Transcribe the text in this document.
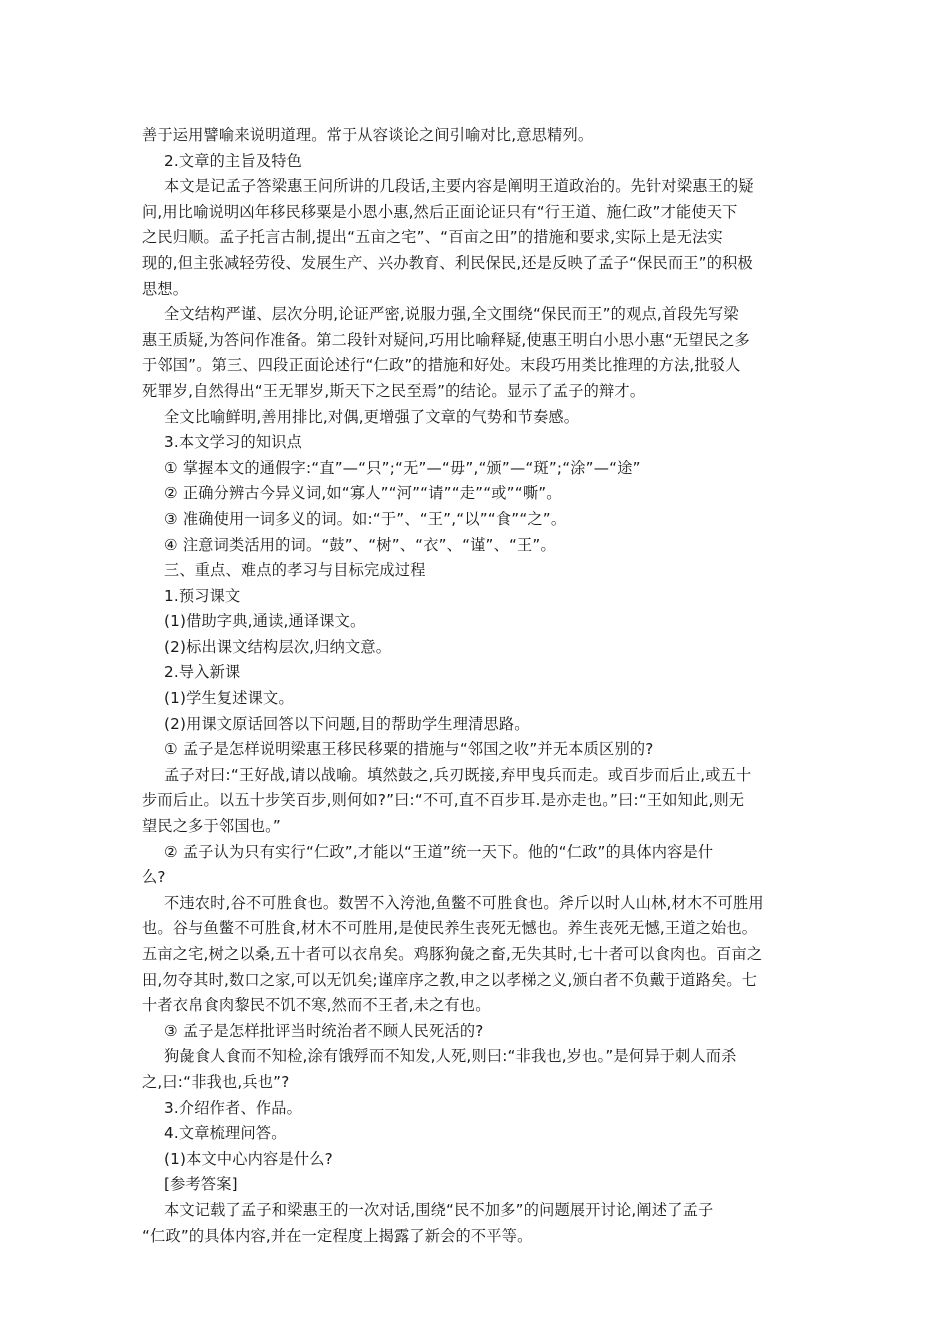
善于运用譬喻来说明道理。常于从容谈论之间引喻对比,意思精列。
2.文章的主旨及特色
本文是记孟子答梁惠王问所讲的几段话,主要内容是阐明王道政治的。先针对梁惠王的疑
问,用比喻说明凶年移民移粟是小恩小惠,然后正面论证只有“行王道、施仁政”才能使天下
之民归顺。孟子托言古制,提出“五亩之宅”、“百亩之田”的措施和要求,实际上是无法实
现的,但主张减轻劳役、发展生产、兴办教育、利民保民,还是反映了孟子“保民而王”的积极
思想。
全文结构严谨、层次分明,论证严密,说服力强,全文围绕“保民而王”的观点,首段先写梁
惠王质疑,为答问作准备。第二段针对疑问,巧用比喻释疑,使惠王明白小思小惠“无望民之多
于邻国”。第三、四段正面论述行“仁政”的措施和好处。末段巧用类比推理的方法,批驳人
死罪岁,自然得出“王无罪岁,斯天下之民至焉”的结论。显示了孟子的辩才。
全文比喻鲜明,善用排比,对偶,更增强了文章的气势和节奏感。
3.本文学习的知识点
① 掌握本文的通假字:“直”—“只”;“无”—“毋”,“颁”—“斑”;“涂”—“途”
② 正确分辨古今异义词,如“寡人”“河”“请”“走”“或”“嘶”。
③ 准确使用一词多义的词。如:“于”、“王”,“以”“食”“之”。
④ 注意词类活用的词。“鼓”、“树”、“衣”、“谨”、“王”。
三、重点、难点的孝习与目标完成过程
1.预习课文
(1)借助字典,通读,通译课文。
(2)标出课文结构层次,归纳文意。
2.导入新课
(1)学生复述课文。
(2)用课文原话回答以下问题,目的帮助学生理清思路。
① 孟子是怎样说明梁惠王移民移粟的措施与“邻国之收”并无本质区别的?
孟子对曰:“王好战,请以战喻。填然鼓之,兵刃既接,弃甲曳兵而走。或百步而后止,或五十
步而后止。以五十步笑百步,则何如?”曰:“不可,直不百步耳.是亦走也。”曰:“王如知此,则无
望民之多于邻国也。”
② 孟子认为只有实行“仁政”,才能以“王道”统一天下。他的“仁政”的具体内容是什
么?
不违农时,谷不可胜食也。数罟不入洿池,鱼鳖不可胜食也。斧斤以时人山林,材木不可胜用
也。谷与鱼鳖不可胜食,材木不可胜用,是使民养生丧死无憾也。养生丧死无憾,王道之始也。
五亩之宅,树之以桑,五十者可以衣帛矣。鸡豚狗彘之畜,无失其时,七十者可以食肉也。百亩之
田,勿夺其时,数口之家,可以无饥矣;谨庠序之教,申之以孝梯之义,颁白者不负戴于道路矣。七
十者衣帛食肉黎民不饥不寒,然而不王者,未之有也。
③ 孟子是怎样批评当时统治者不顾人民死活的?
狗彘食人食而不知检,涂有饿殍而不知发,人死,则曰:“非我也,岁也。”是何异于刺人而杀
之,曰:“非我也,兵也”?
3.介绍作者、作品。
4.文章梳理问答。
(1)本文中心内容是什么?
[参考答案]
本文记载了孟子和梁惠王的一次对话,围绕“民不加多”的问题展开讨论,阐述了孟子
“仁政”的具体内容,并在一定程度上揭露了新会的不平等。
